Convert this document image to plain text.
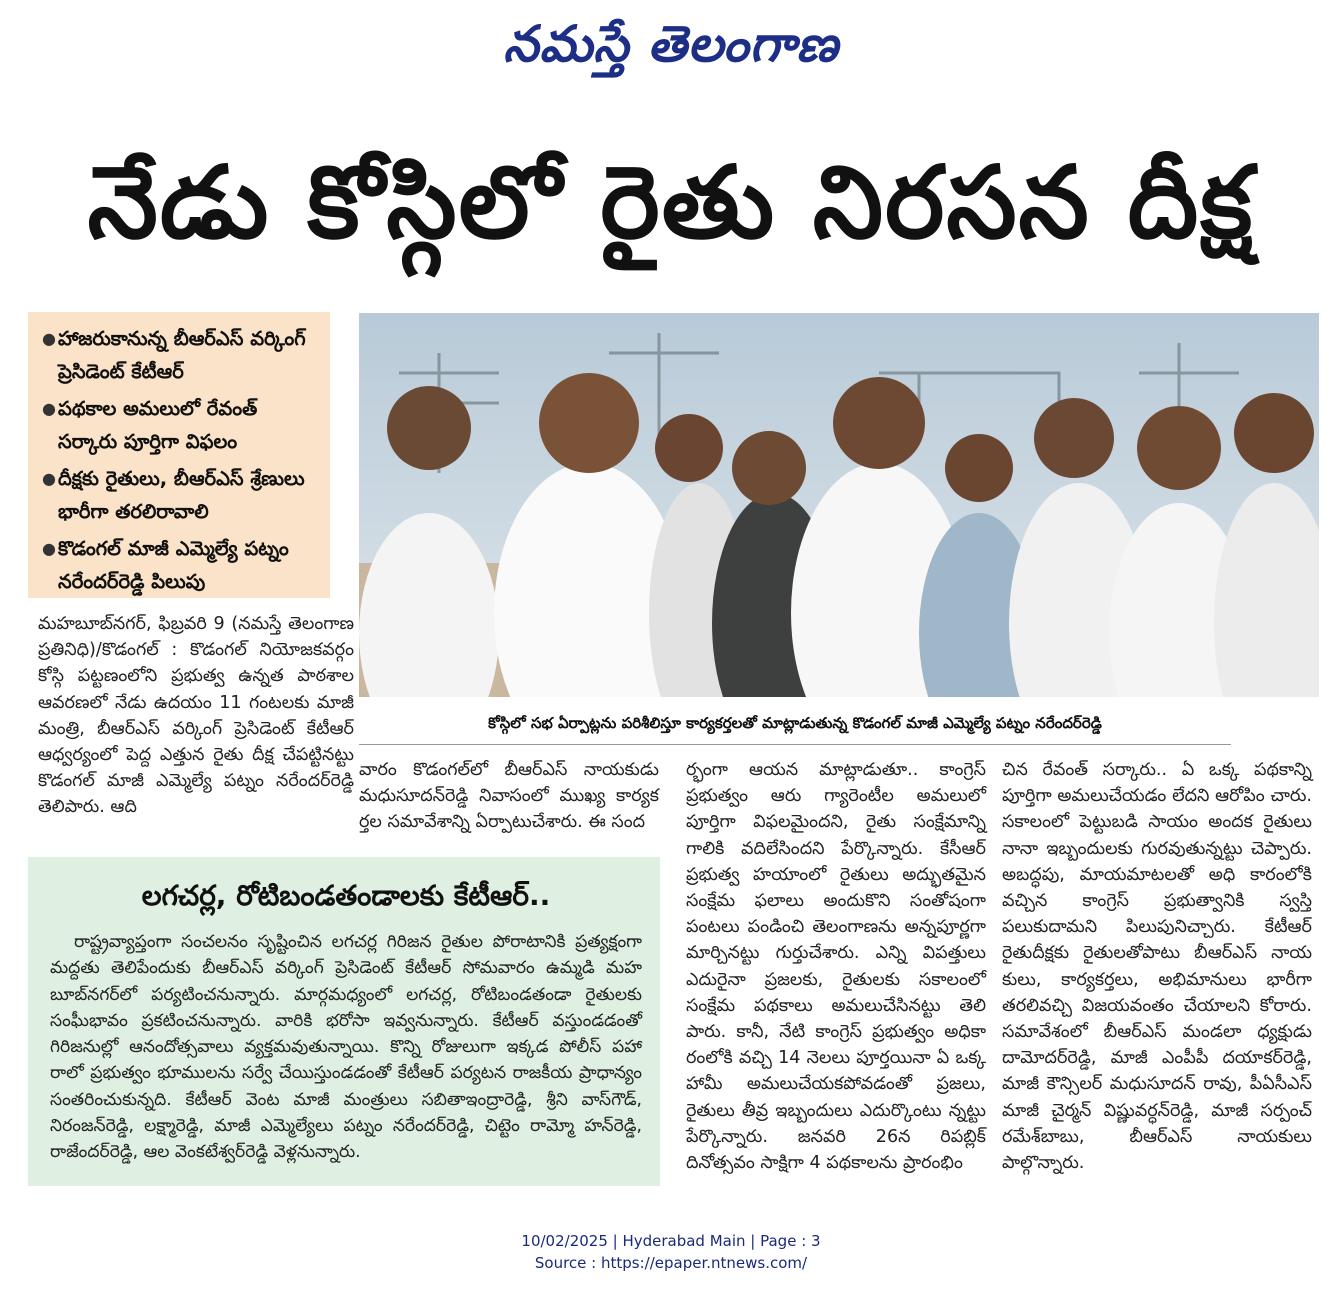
నమస్తే తెలంగాణ
నేడు కోస్గిలో రైతు నిరసన దీక్ష
● హాజరుకానున్న బీఆర్‌ఎస్ వర్కింగ్ ప్రెసిడెంట్ కేటీఆర్
● పథకాల అమలులో రేవంత్ సర్కారు పూర్తిగా విఫలం
● దీక్షకు రైతులు, బీఆర్‌ఎస్ శ్రేణులు భారీగా తరలిరావాలి
● కొడంగల్ మాజీ ఎమ్మెల్యే పట్నం నరేందర్‌రెడ్డి పిలుపు
కోస్గిలో సభ ఏర్పాట్లను పరిశీలిస్తూ కార్యకర్తలతో మాట్లాడుతున్న కొడంగల్ మాజీ ఎమ్మెల్యే పట్నం నరేందర్‌రెడ్డి
మహబూబ్‌నగర్, ఫిబ్రవరి 9 (నమస్తే తెలంగాణ ప్రతినిధి)/కొడంగల్ : కొడంగల్ నియోజకవర్గం కోస్గి పట్టణంలోని ప్రభుత్వ ఉన్నత పాఠశాల ఆవరణలో నేడు ఉదయం 11 గంటలకు మాజీ మంత్రి, బీఆర్‌ఎస్ వర్కింగ్ ప్రెసిడెంట్ కేటీఆర్ ఆధ్వర్యంలో పెద్ద ఎత్తున రైతు దీక్ష చేపట్టినట్టు కొడంగల్ మాజీ ఎమ్మెల్యే పట్నం నరేందర్‌రెడ్డి తెలిపారు. ఆది
వారం కొడంగల్‌లో బీఆర్‌ఎస్ నాయకుడు మధుసూదన్‌రెడ్డి నివాసంలో ముఖ్య కార్యక ర్తల సమావేశాన్ని ఏర్పాటుచేశారు. ఈ సంద
ర్భంగా ఆయన మాట్లాడుతూ.. కాంగ్రెస్ ప్రభుత్వం ఆరు గ్యారెంటీల అమలులో పూర్తిగా విఫలమైందని, రైతు సంక్షేమాన్ని గాలికి వదిలేసిందని పేర్కొన్నారు. కేసీఆర్ ప్రభుత్వ హయాంలో రైతులు అద్భుతమైన సంక్షేమ ఫలాలు అందుకొని సంతోషంగా పంటలు పండించి తెలంగాణను అన్నపూర్ణగా మార్చినట్టు గుర్తుచేశారు. ఎన్ని విపత్తులు ఎదురైనా ప్రజలకు, రైతులకు సకాలంలో సంక్షేమ పథకాలు అమలుచేసినట్టు తెలి పారు. కానీ, నేటి కాంగ్రెస్ ప్రభుత్వం అధికా రంలోకి వచ్చి 14 నెలలు పూర్తయినా ఏ ఒక్క హామీ అమలుచేయకపోవడంతో ప్రజలు, రైతులు తీవ్ర ఇబ్బందులు ఎదుర్కొంటు న్నట్టు పేర్కొన్నారు. జనవరి 26న రిపబ్లిక్ దినోత్సవం సాక్షిగా 4 పథకాలను ప్రారంభిం
చిన రేవంత్ సర్కారు.. ఏ ఒక్క పథకాన్ని పూర్తిగా అమలుచేయడం లేదని ఆరోపిం చారు. సకాలంలో పెట్టుబడి సాయం అందక రైతులు నానా ఇబ్బందులకు గురవుతున్నట్టు చెప్పారు. అబద్ధపు, మాయమాటలతో అధి కారంలోకి వచ్చిన కాంగ్రెస్ ప్రభుత్వానికి స్వస్తి పలుకుదామని పిలుపునిచ్చారు. కేటీఆర్ రైతుదీక్షకు రైతులతోపాటు బీఆర్‌ఎస్ నాయ కులు, కార్యకర్తలు, అభిమానులు భారీగా తరలివచ్చి విజయవంతం చేయాలని కోరారు. సమావేశంలో బీఆర్‌ఎస్ మండలా ధ్యక్షుడు దామోదర్‌రెడ్డి, మాజీ ఎంపీపీ దయాకర్‌రెడ్డి, మాజీ కౌన్సిలర్ మధుసూదన్ రావు, పీఏసీఎస్ మాజీ చైర్మన్ విష్ణువర్ధన్‌రెడ్డి, మాజీ సర్పంచ్ రమేశ్‌బాబు, బీఆర్‌ఎస్ నాయకులు పాల్గొన్నారు.
లగచర్ల, రోటిబండతండాలకు కేటీఆర్..
రాష్ట్రవ్యాప్తంగా సంచలనం సృష్టించిన లగచర్ల గిరిజన రైతుల పోరాటానికి ప్రత్యక్షంగా మద్దతు తెలిపేందుకు బీఆర్‌ఎస్ వర్కింగ్ ప్రెసిడెంట్ కేటీఆర్ సోమవారం ఉమ్మడి మహ బూబ్‌నగర్‌లో పర్యటించనున్నారు. మార్గమధ్యంలో లగచర్ల, రోటిబండతండా రైతులకు సంఘీభావం ప్రకటించనున్నారు. వారికి భరోసా ఇవ్వనున్నారు. కేటీఆర్ వస్తుండడంతో గిరిజనుల్లో ఆనందోత్సవాలు వ్యక్తమవుతున్నాయి. కొన్ని రోజులుగా ఇక్కడ పోలీస్ పహా రాలో ప్రభుత్వం భూములను సర్వే చేయిస్తుండడంతో కేటీఆర్ పర్యటన రాజకీయ ప్రాధాన్యం సంతరించుకున్నది. కేటీఆర్ వెంట మాజీ మంత్రులు సబితాఇంద్రారెడ్డి, శ్రీని వాస్‌గౌడ్, నిరంజన్‌రెడ్డి, లక్ష్మారెడ్డి, మాజీ ఎమ్మెల్యేలు పట్నం నరేందర్‌రెడ్డి, చిట్టెం రామ్మో హన్‌రెడ్డి, రాజేందర్‌రెడ్డి, ఆల వెంకటేశ్వర్‌రెడ్డి వెళ్లనున్నారు.
10/02/2025 | Hyderabad Main | Page : 3
Source : https://epaper.ntnews.com/
